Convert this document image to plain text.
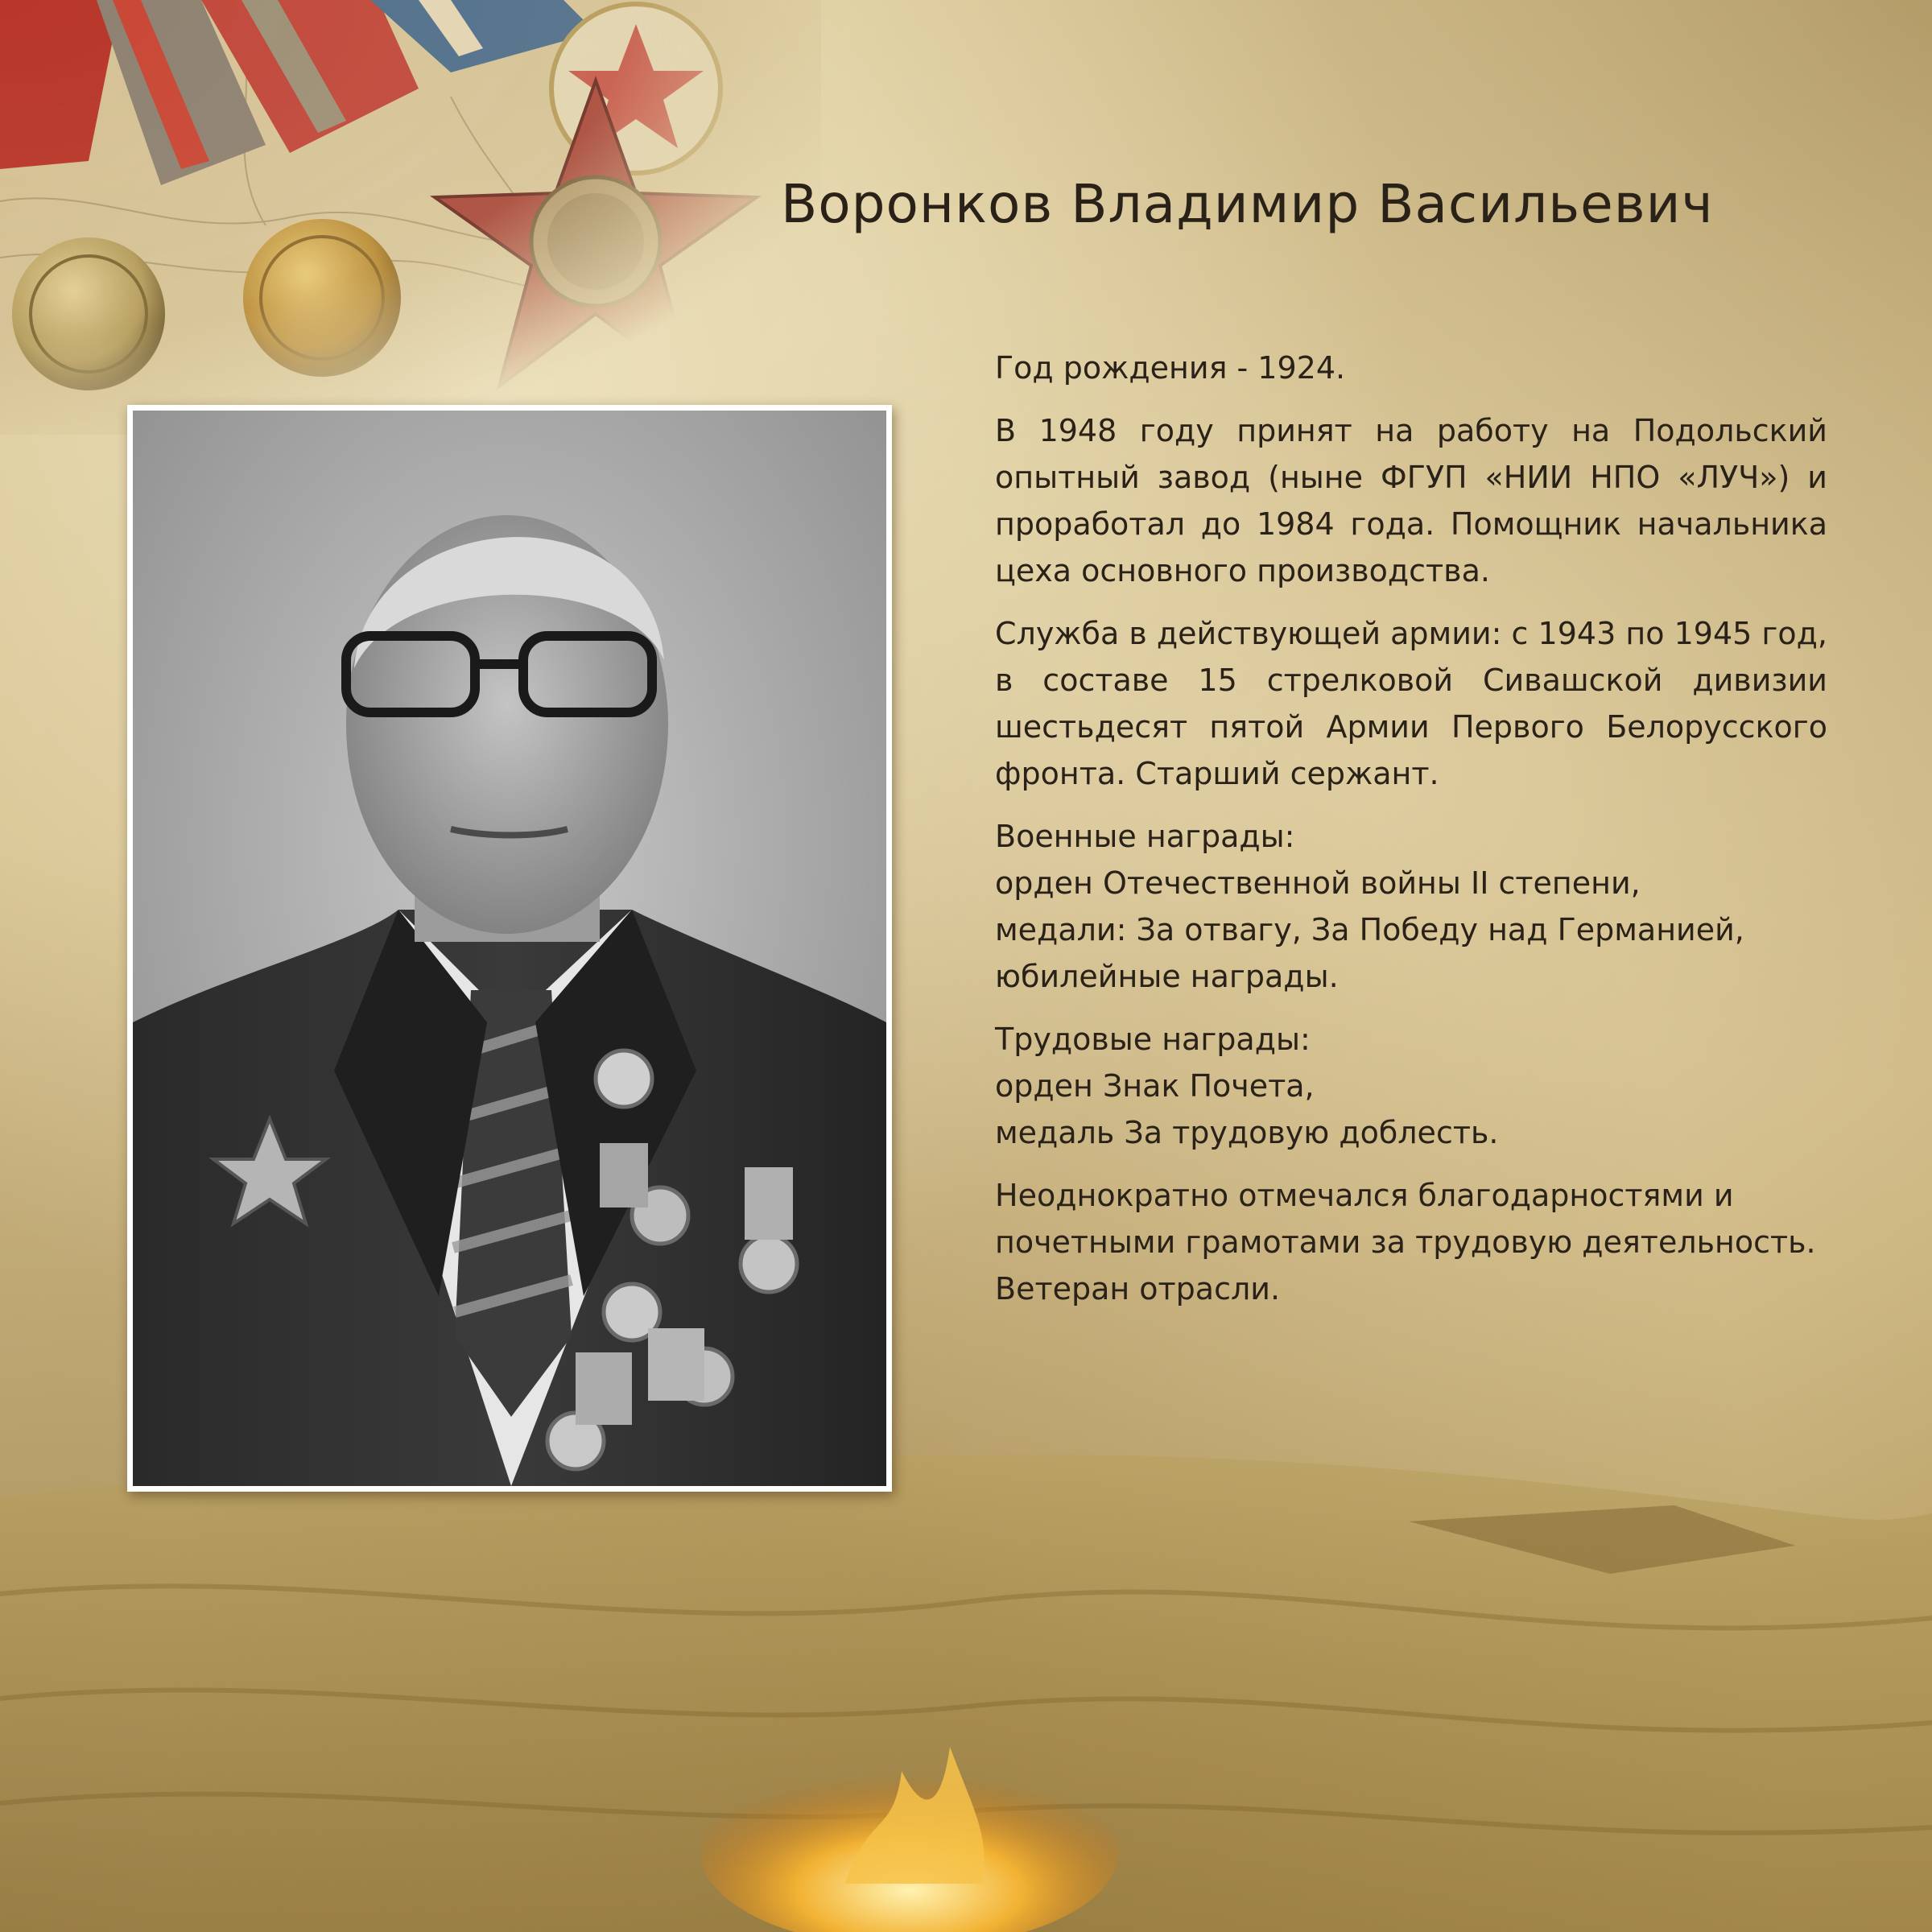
Воронков Владимир Васильевич

Год рождения - 1924.

В 1948 году принят на работу на Подольский опытный завод (ныне ФГУП «НИИ НПО «ЛУЧ») и проработал до 1984 года. Помощник начальника цеха основного производства.

Служба в действующей армии: с 1943 по 1945 год, в составе 15 стрелковой Сивашской дивизии шестьдесят пятой Армии Первого Белорусского фронта. Старший сержант.

Военные награды:
орден Отечественной войны II степени,
медали: За отвагу, За Победу над Германией,
юбилейные награды.

Трудовые награды:
орден Знак Почета,
медаль За трудовую доблесть.

Неоднократно отмечался благодарностями и почетными грамотами за трудовую деятельность. Ветеран отрасли.
